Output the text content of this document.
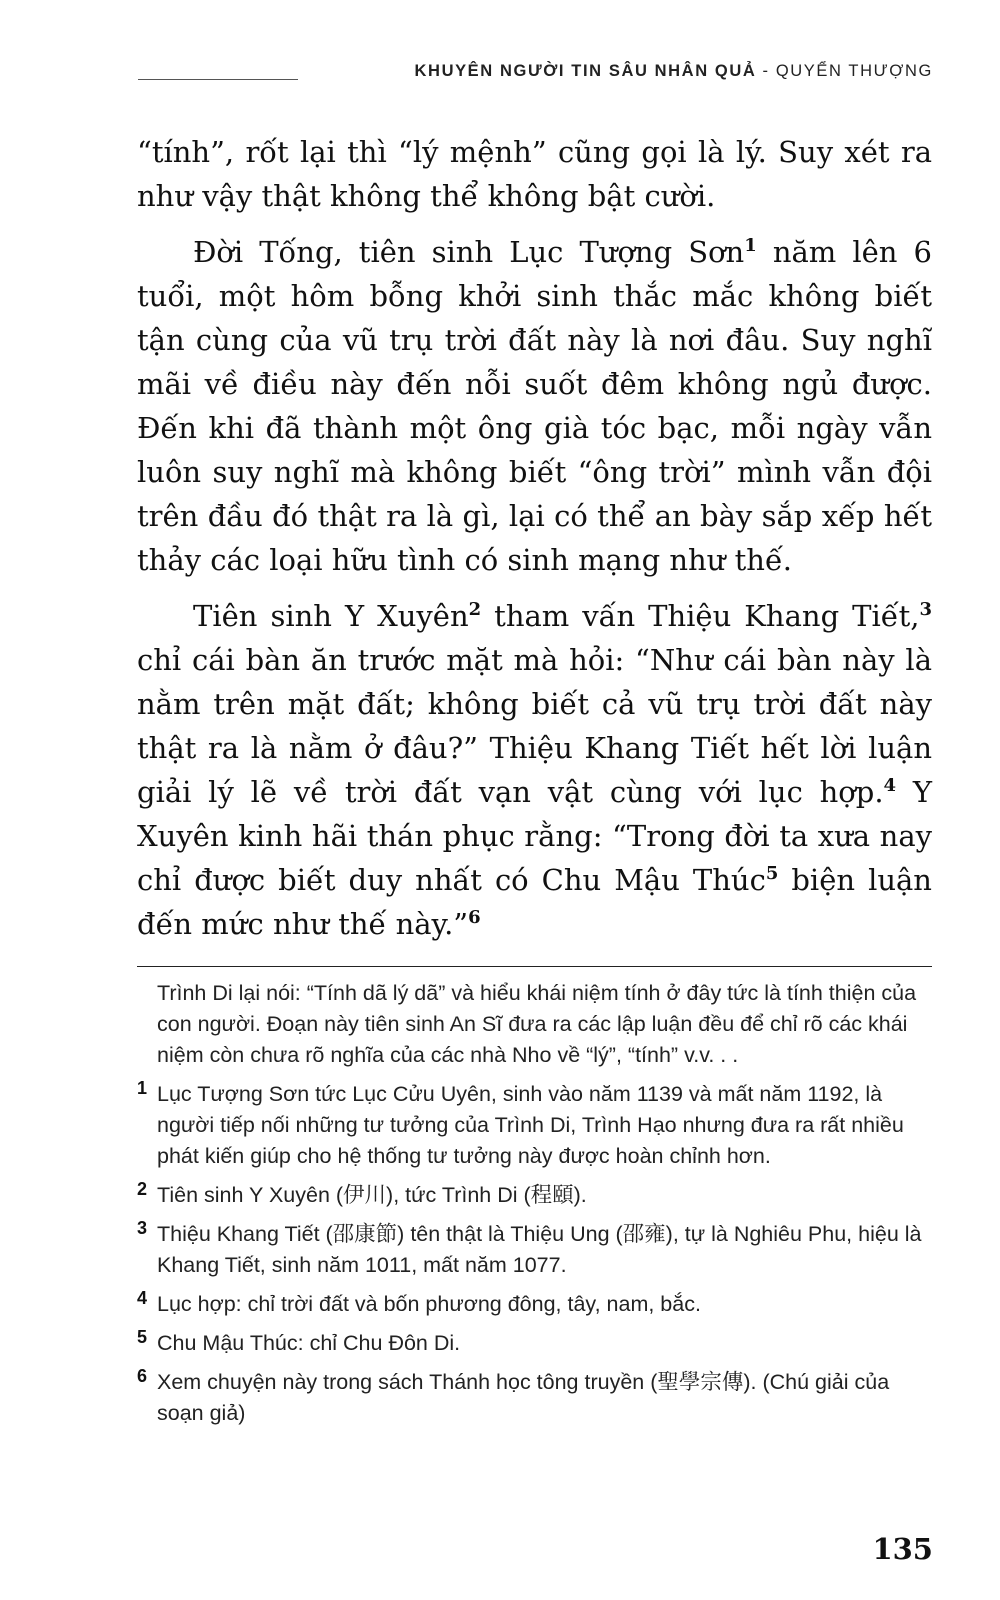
KHUYÊN NGƯỜI TIN SÂU NHÂN QUẢ - QUYỂN THƯỢNG

“tính”, rốt lại thì “lý mệnh” cũng gọi là lý. Suy xét ra như vậy thật không thể không bật cười.

Đời Tống, tiên sinh Lục Tượng Sơn$^1$ năm lên 6 tuổi, một hôm bỗng khởi sinh thắc mắc không biết tận cùng của vũ trụ trời đất này là nơi đâu. Suy nghĩ mãi về điều này đến nỗi suốt đêm không ngủ được. Đến khi đã thành một ông già tóc bạc, mỗi ngày vẫn luôn suy nghĩ mà không biết “ông trời” mình vẫn đội trên đầu đó thật ra là gì, lại có thể an bày sắp xếp hết thảy các loại hữu tình có sinh mạng như thế.

Tiên sinh Y Xuyên$^2$ tham vấn Thiệu Khang Tiết,$^3$ chỉ cái bàn ăn trước mặt mà hỏi: “Như cái bàn này là nằm trên mặt đất; không biết cả vũ trụ trời đất này thật ra là nằm ở đâu?” Thiệu Khang Tiết hết lời luận giải lý lẽ về trời đất vạn vật cùng với lục hợp.$^4$ Y Xuyên kinh hãi thán phục rằng: “Trong đời ta xưa nay chỉ được biết duy nhất có Chu Mậu Thúc$^5$ biện luận đến mức như thế này.”$^6$

Trình Di lại nói: “Tính dã lý dã” và hiểu khái niệm tính ở đây tức là tính thiện của con người. Đoạn này tiên sinh An Sĩ đưa ra các lập luận đều để chỉ rõ các khái niệm còn chưa rõ nghĩa của các nhà Nho về “lý”, “tính” v.v. . .
1 Lục Tượng Sơn tức Lục Cửu Uyên, sinh vào năm 1139 và mất năm 1192, là người tiếp nối những tư tưởng của Trình Di, Trình Hạo nhưng đưa ra rất nhiều phát kiến giúp cho hệ thống tư tưởng này được hoàn chỉnh hơn.
2 Tiên sinh Y Xuyên (伊川), tức Trình Di (程頤).
3 Thiệu Khang Tiết (邵康節) tên thật là Thiệu Ung (邵雍), tự là Nghiêu Phu, hiệu là Khang Tiết, sinh năm 1011, mất năm 1077.
4 Lục hợp: chỉ trời đất và bốn phương đông, tây, nam, bắc.
5 Chu Mậu Thúc: chỉ Chu Đôn Di.
6 Xem chuyện này trong sách Thánh học tông truyền (聖學宗傳). (Chú giải của soạn giả)
135
